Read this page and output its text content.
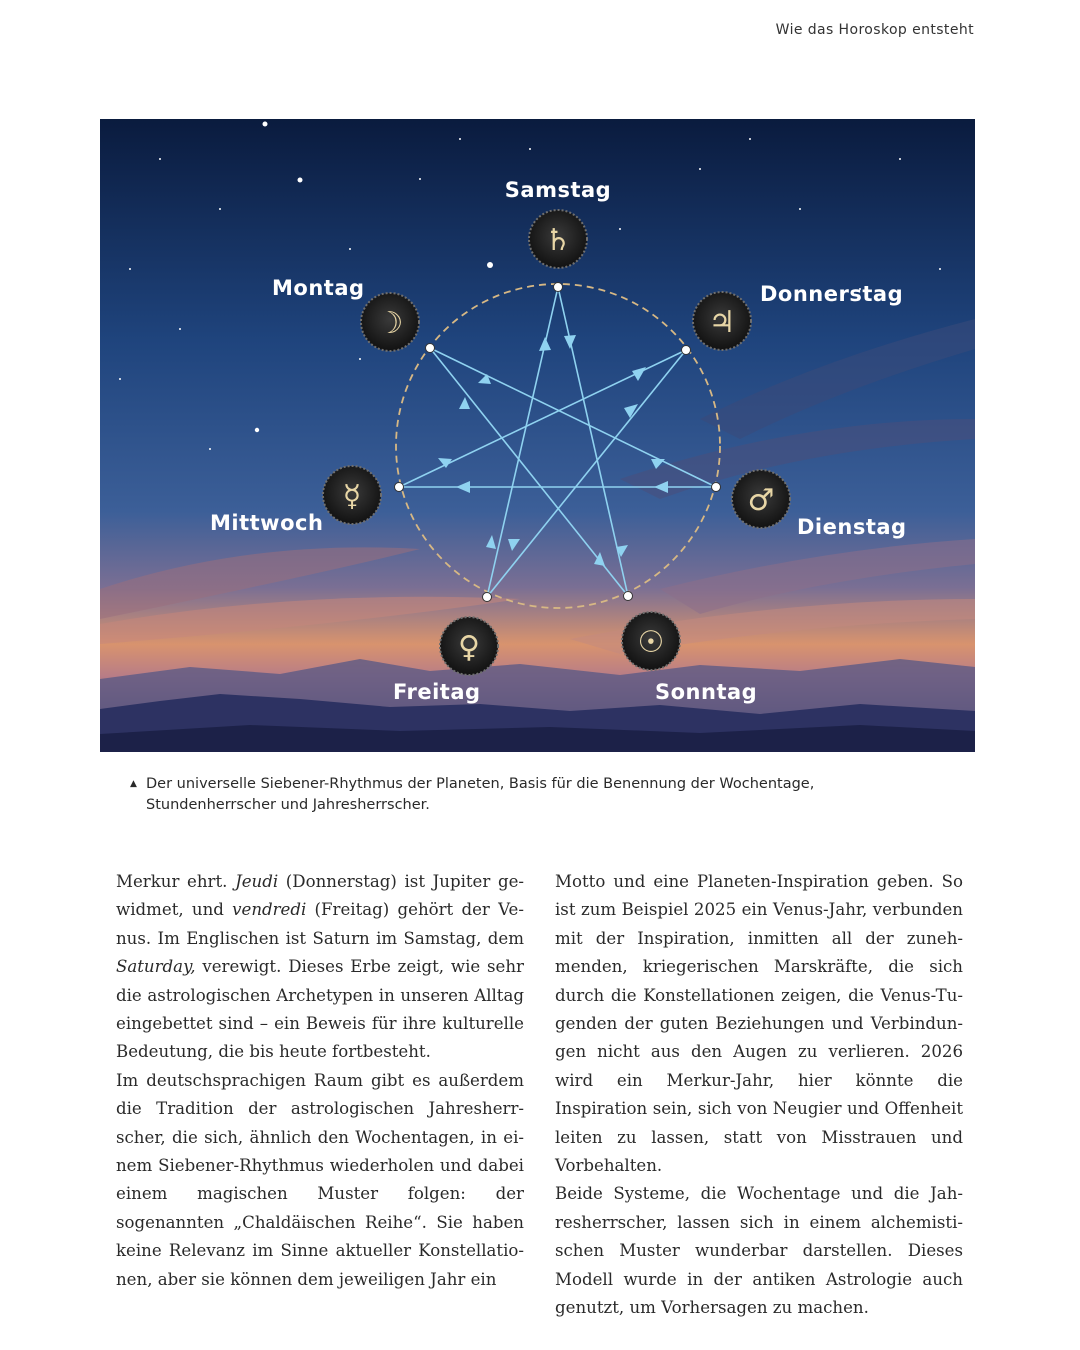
Wie das Horoskop entsteht
♄
♃
♂
☉
♀
☿
☽
Samstag
Donnerstag
Dienstag
Sonntag
Freitag
Mittwoch
Montag
▲ Der universelle Siebener-Rhythmus der Planeten, Basis für die Benennung der Wochentage,
Stundenherrscher und Jahresherrscher.

Merkur ehrt. Jeudi (Donnerstag) ist Jupiter gewidmet, und vendredi (Freitag) gehört der Venus. Im Englischen ist Saturn im Samstag, dem Saturday, verewigt. Dieses Erbe zeigt, wie sehr die astrologischen Archetypen in unseren Alltag eingebettet sind – ein Beweis für ihre kulturelle Bedeutung, die bis heute fortbesteht.

Im deutschsprachigen Raum gibt es außerdem die Tradition der astrologischen Jahresherrscher, die sich, ähnlich den Wochentagen, in einem Siebener-Rhythmus wiederholen und dabei einem magischen Muster folgen: der sogenannten „Chaldäischen Reihe“. Sie haben keine Relevanz im Sinne aktueller Konstellationen, aber sie können dem jeweiligen Jahr ein

Motto und eine Planeten-Inspiration geben. So ist zum Beispiel 2025 ein Venus-Jahr, verbunden mit der Inspiration, inmitten all der zunehmenden, kriegerischen Marskräfte, die sich durch die Konstellationen zeigen, die Venus-Tugenden der guten Beziehungen und Verbindungen nicht aus den Augen zu verlieren. 2026 wird ein Merkur-Jahr, hier könnte die Inspiration sein, sich von Neugier und Offenheit leiten zu lassen, statt von Misstrauen und Vorbehalten.

Beide Systeme, die Wochentage und die Jahresherrscher, lassen sich in einem alchemistischen Muster wunderbar darstellen. Dieses Modell wurde in der antiken Astrologie auch genutzt, um Vorhersagen zu machen.
